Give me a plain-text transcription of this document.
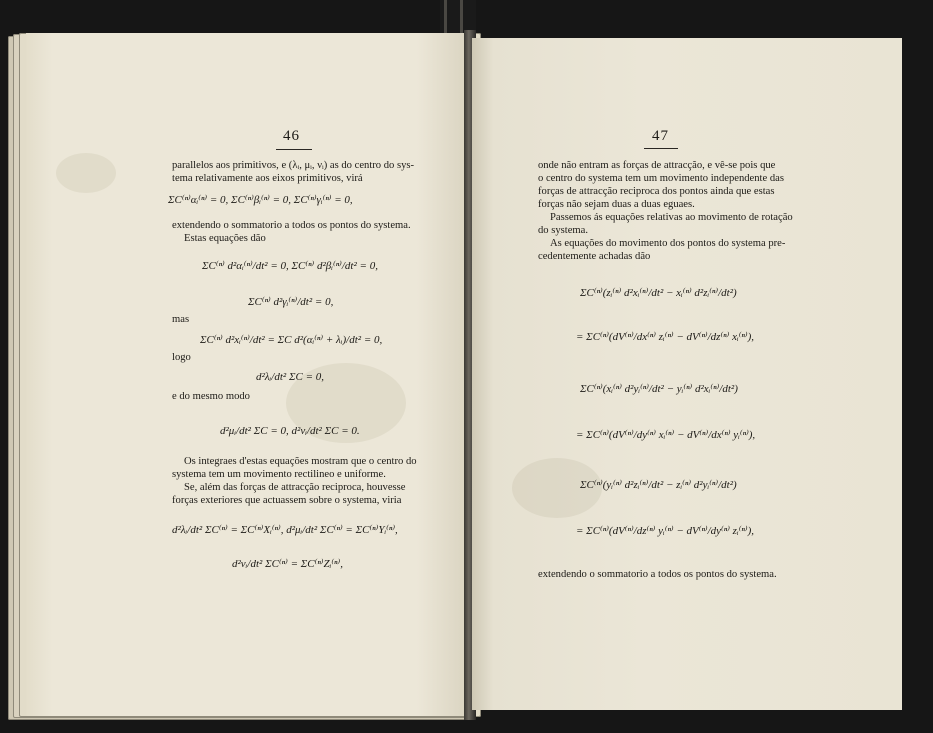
46
parallelos aos primitivos, e (λᵢ, μᵢ, νᵢ) as do centro do sys-
tema relativamente aos eixos primitivos, virá
ΣC⁽ⁿ⁾αᵢ⁽ⁿ⁾ = 0, ΣC⁽ⁿ⁾βᵢ⁽ⁿ⁾ = 0, ΣC⁽ⁿ⁾γᵢ⁽ⁿ⁾ = 0,
extendendo o sommatorio a todos os pontos do systema.
Estas equações dão
ΣC⁽ⁿ⁾ d²αᵢ⁽ⁿ⁾/dt² = 0, ΣC⁽ⁿ⁾ d²βᵢ⁽ⁿ⁾/dt² = 0,
ΣC⁽ⁿ⁾ d²γᵢ⁽ⁿ⁾/dt² = 0,
mas
ΣC⁽ⁿ⁾ d²xᵢ⁽ⁿ⁾/dt² = ΣC d²(αᵢ⁽ⁿ⁾ + λᵢ)/dt² = 0,
logo
d²λᵢ/dt² ΣC = 0,
e do mesmo modo
d²μᵢ/dt² ΣC = 0, d²νᵢ/dt² ΣC = 0.
Os integraes d'estas equações mostram que o centro do
systema tem um movimento rectilineo e uniforme.
Se, além das forças de attracção reciproca, houvesse
forças exteriores que actuassem sobre o systema, viria
d²λᵢ/dt² ΣC⁽ⁿ⁾ = ΣC⁽ⁿ⁾Xᵢ⁽ⁿ⁾, d²μᵢ/dt² ΣC⁽ⁿ⁾ = ΣC⁽ⁿ⁾Yᵢ⁽ⁿ⁾,
d²νᵢ/dt² ΣC⁽ⁿ⁾ = ΣC⁽ⁿ⁾Zᵢ⁽ⁿ⁾,
47
onde não entram as forças de attracção, e vê-se pois que
o centro do systema tem um movimento independente das
forças de attracção reciproca dos pontos ainda que estas
forças não sejam duas a duas eguaes.
Passemos ás equações relativas ao movimento de rotação
do systema.
As equações do movimento dos pontos do systema pre-
cedentemente achadas dão
ΣC⁽ⁿ⁾(zᵢ⁽ⁿ⁾ d²xᵢ⁽ⁿ⁾/dt² − xᵢ⁽ⁿ⁾ d²zᵢ⁽ⁿ⁾/dt²)
= ΣC⁽ⁿ⁾(dV⁽ⁿ⁾/dx⁽ⁿ⁾ zᵢ⁽ⁿ⁾ − dV⁽ⁿ⁾/dz⁽ⁿ⁾ xᵢ⁽ⁿ⁾),
ΣC⁽ⁿ⁾(xᵢ⁽ⁿ⁾ d²yᵢ⁽ⁿ⁾/dt² − yᵢ⁽ⁿ⁾ d²xᵢ⁽ⁿ⁾/dt²)
= ΣC⁽ⁿ⁾(dV⁽ⁿ⁾/dy⁽ⁿ⁾ xᵢ⁽ⁿ⁾ − dV⁽ⁿ⁾/dx⁽ⁿ⁾ yᵢ⁽ⁿ⁾),
ΣC⁽ⁿ⁾(yᵢ⁽ⁿ⁾ d²zᵢ⁽ⁿ⁾/dt² − zᵢ⁽ⁿ⁾ d²yᵢ⁽ⁿ⁾/dt²)
= ΣC⁽ⁿ⁾(dV⁽ⁿ⁾/dz⁽ⁿ⁾ yᵢ⁽ⁿ⁾ − dV⁽ⁿ⁾/dy⁽ⁿ⁾ zᵢ⁽ⁿ⁾),
extendendo o sommatorio a todos os pontos do systema.
